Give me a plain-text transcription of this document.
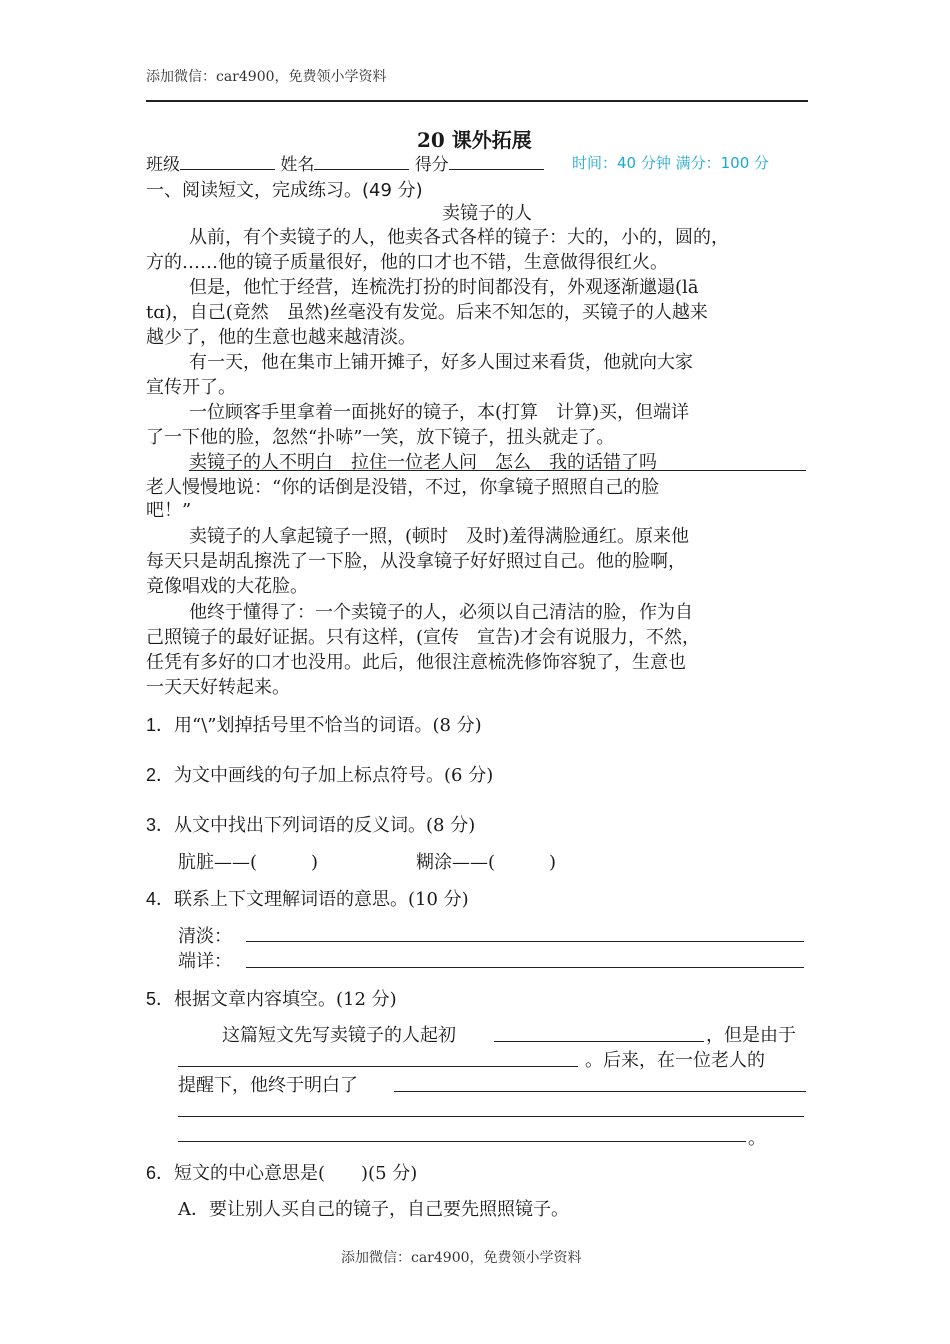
添加微信：car4900，免费领小学资料
20 课外拓展
班级	姓名	得分	时间：40 分钟 满分：100 分
一、阅读短文，完成练习。(49 分)
卖镜子的人
从前，有个卖镜子的人，他卖各式各样的镜子：大的，小的，圆的，
方的……他的镜子质量很好，他的口才也不错，生意做得很红火。
但是，他忙于经营，连梳洗打扮的时间都没有，外观逐渐邋遢(lā
tɑ)，自己(竟然　虽然)丝毫没有发觉。后来不知怎的，买镜子的人越来
越少了，他的生意也越来越清淡。
有一天，他在集市上铺开摊子，好多人围过来看货，他就向大家
宣传开了。
一位顾客手里拿着一面挑好的镜子，本(打算　计算)买，但端详
了一下他的脸，忽然“扑哧”一笑，放下镜子，扭头就走了。
卖镜子的人不明白　拉住一位老人问　怎么　我的话错了吗
老人慢慢地说：“你的话倒是没错，不过，你拿镜子照照自己的脸
吧！”
卖镜子的人拿起镜子一照，(顿时　及时)羞得满脸通红。原来他
每天只是胡乱擦洗了一下脸，从没拿镜子好好照过自己。他的脸啊，
竟像唱戏的大花脸。
他终于懂得了：一个卖镜子的人，必须以自己清洁的脸，作为自
己照镜子的最好证据。只有这样，(宣传　宣告)才会有说服力，不然，
任凭有多好的口才也没用。此后，他很注意梳洗修饰容貌了，生意也
一天天好转起来。
1．用“\”划掉括号里不恰当的词语。(8 分)
2．为文中画线的句子加上标点符号。(6 分)
3．从文中找出下列词语的反义词。(8 分)
肮脏——(　　　)	糊涂——(　　　)
4．联系上下文理解词语的意思。(10 分)
清淡：
端详：
5．根据文章内容填空。(12 分)
这篇短文先写卖镜子的人起初	，但是由于
。后来，在一位老人的
提醒下，他终于明白了
。
6．短文的中心意思是(　　)(5 分)
A．要让别人买自己的镜子，自己要先照照镜子。
添加微信：car4900，免费领小学资料
